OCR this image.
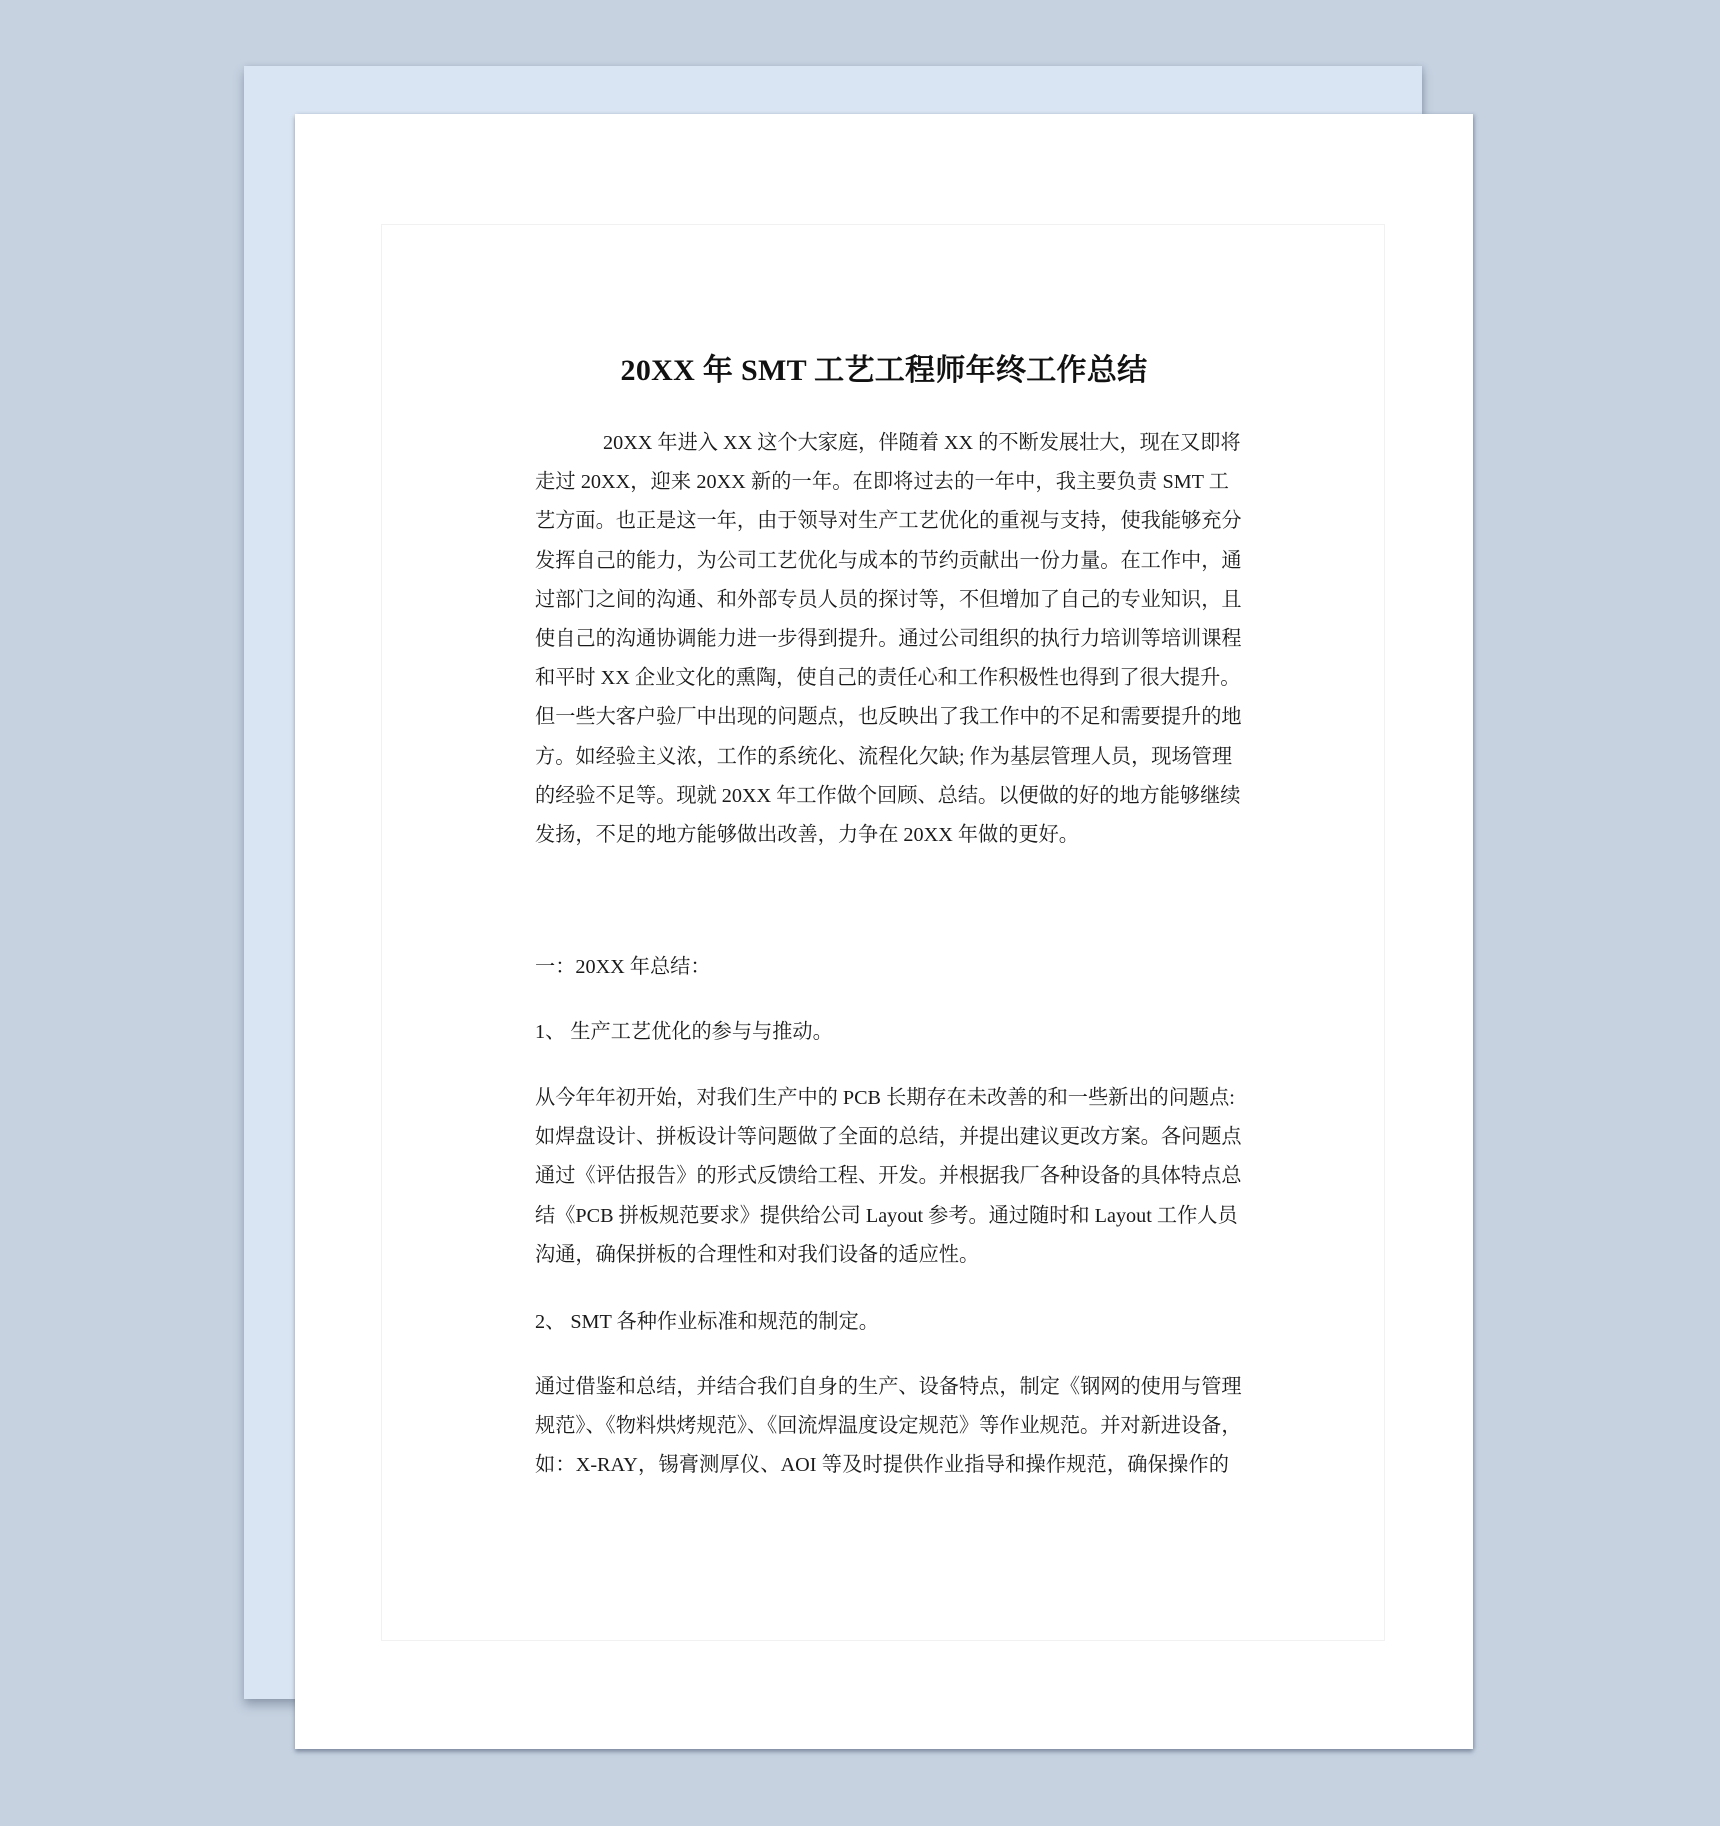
20XX 年 SMT 工艺工程师年终工作总结
20XX 年进入 XX 这个大家庭，伴随着 XX 的不断发展壮大，现在又即将
走过 20XX，迎来 20XX 新的一年。在即将过去的一年中，我主要负责 SMT 工
艺方面。也正是这一年，由于领导对生产工艺优化的重视与支持，使我能够充分
发挥自己的能力，为公司工艺优化与成本的节约贡献出一份力量。在工作中，通
过部门之间的沟通、和外部专员人员的探讨等，不但增加了自己的专业知识，且
使自己的沟通协调能力进一步得到提升。通过公司组织的执行力培训等培训课程
和平时 XX 企业文化的熏陶，使自己的责任心和工作积极性也得到了很大提升。
但一些大客户验厂中出现的问题点，也反映出了我工作中的不足和需要提升的地
方。如经验主义浓，工作的系统化、流程化欠缺; 作为基层管理人员，现场管理
的经验不足等。现就 20XX 年工作做个回顾、总结。以便做的好的地方能够继续
发扬，不足的地方能够做出改善，力争在 20XX 年做的更好。
一：20XX 年总结：
1、 生产工艺优化的参与与推动。
从今年年初开始，对我们生产中的 PCB 长期存在未改善的和一些新出的问题点:
如焊盘设计、拼板设计等问题做了全面的总结，并提出建议更改方案。各问题点
通过《评估报告》的形式反馈给工程、开发。并根据我厂各种设备的具体特点总
结《PCB 拼板规范要求》提供给公司 Layout 参考。通过随时和 Layout 工作人员
沟通，确保拼板的合理性和对我们设备的适应性。
2、 SMT 各种作业标准和规范的制定。
通过借鉴和总结，并结合我们自身的生产、设备特点，制定《钢网的使用与管理
规范》、《物料烘烤规范》、《回流焊温度设定规范》等作业规范。并对新进设备，
如：X-RAY，锡膏测厚仪、AOI 等及时提供作业指导和操作规范，确保操作的
